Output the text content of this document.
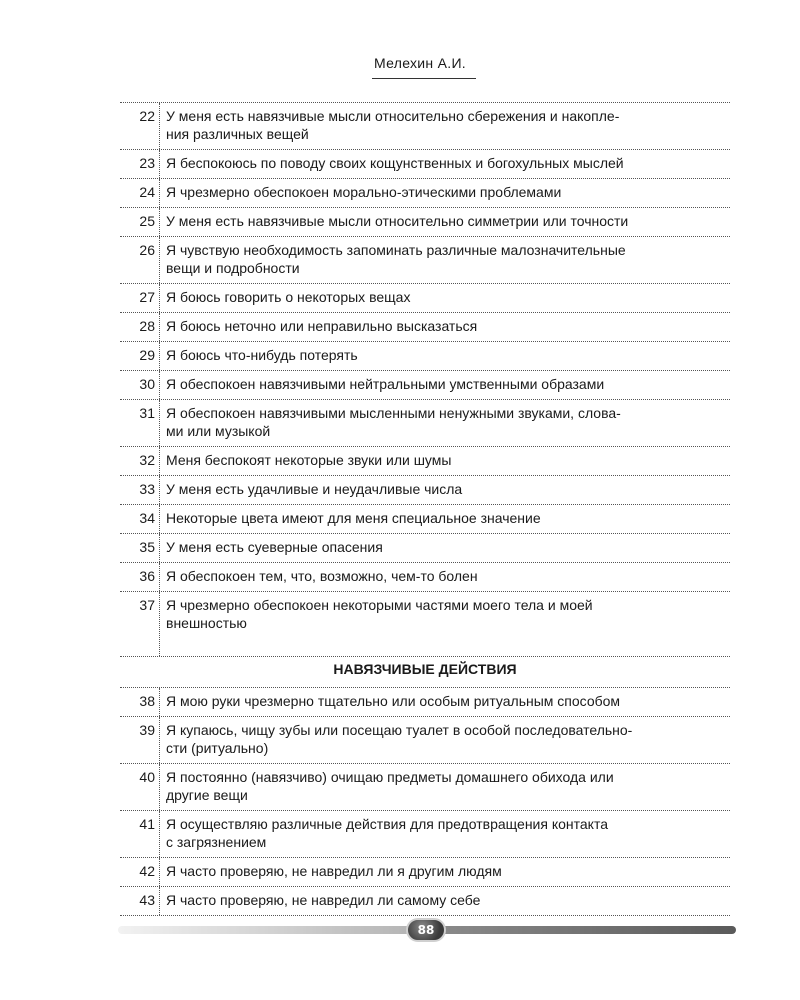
Мелехин А.И.
22 У меня есть навязчивые мысли относительно сбережения и накопле-
ния различных вещей
23 Я беспокоюсь по поводу своих кощунственных и богохульных мыслей
24 Я чрезмерно обеспокоен морально-этическими проблемами
25 У меня есть навязчивые мысли относительно симметрии или точности
26 Я чувствую необходимость запоминать различные малозначительные
вещи и подробности
27 Я боюсь говорить о некоторых вещах
28 Я боюсь неточно или неправильно высказаться
29 Я боюсь что-нибудь потерять
30 Я обеспокоен навязчивыми нейтральными умственными образами
31 Я обеспокоен навязчивыми мысленными ненужными звуками, слова-
ми или музыкой
32 Меня беспокоят некоторые звуки или шумы
33 У меня есть удачливые и неудачливые числа
34 Некоторые цвета имеют для меня специальное значение
35 У меня есть суеверные опасения
36 Я обеспокоен тем, что, возможно, чем-то болен
37 Я чрезмерно обеспокоен некоторыми частями моего тела и моей
внешностью
НАВЯЗЧИВЫЕ ДЕЙСТВИЯ
38 Я мою руки чрезмерно тщательно или особым ритуальным способом
39 Я купаюсь, чищу зубы или посещаю туалет в особой последовательно-
сти (ритуально)
40 Я постоянно (навязчиво) очищаю предметы домашнего обихода или
другие вещи
41 Я осуществляю различные действия для предотвращения контакта
с загрязнением
42 Я часто проверяю, не навредил ли я другим людям
43 Я часто проверяю, не навредил ли самому себе
88
